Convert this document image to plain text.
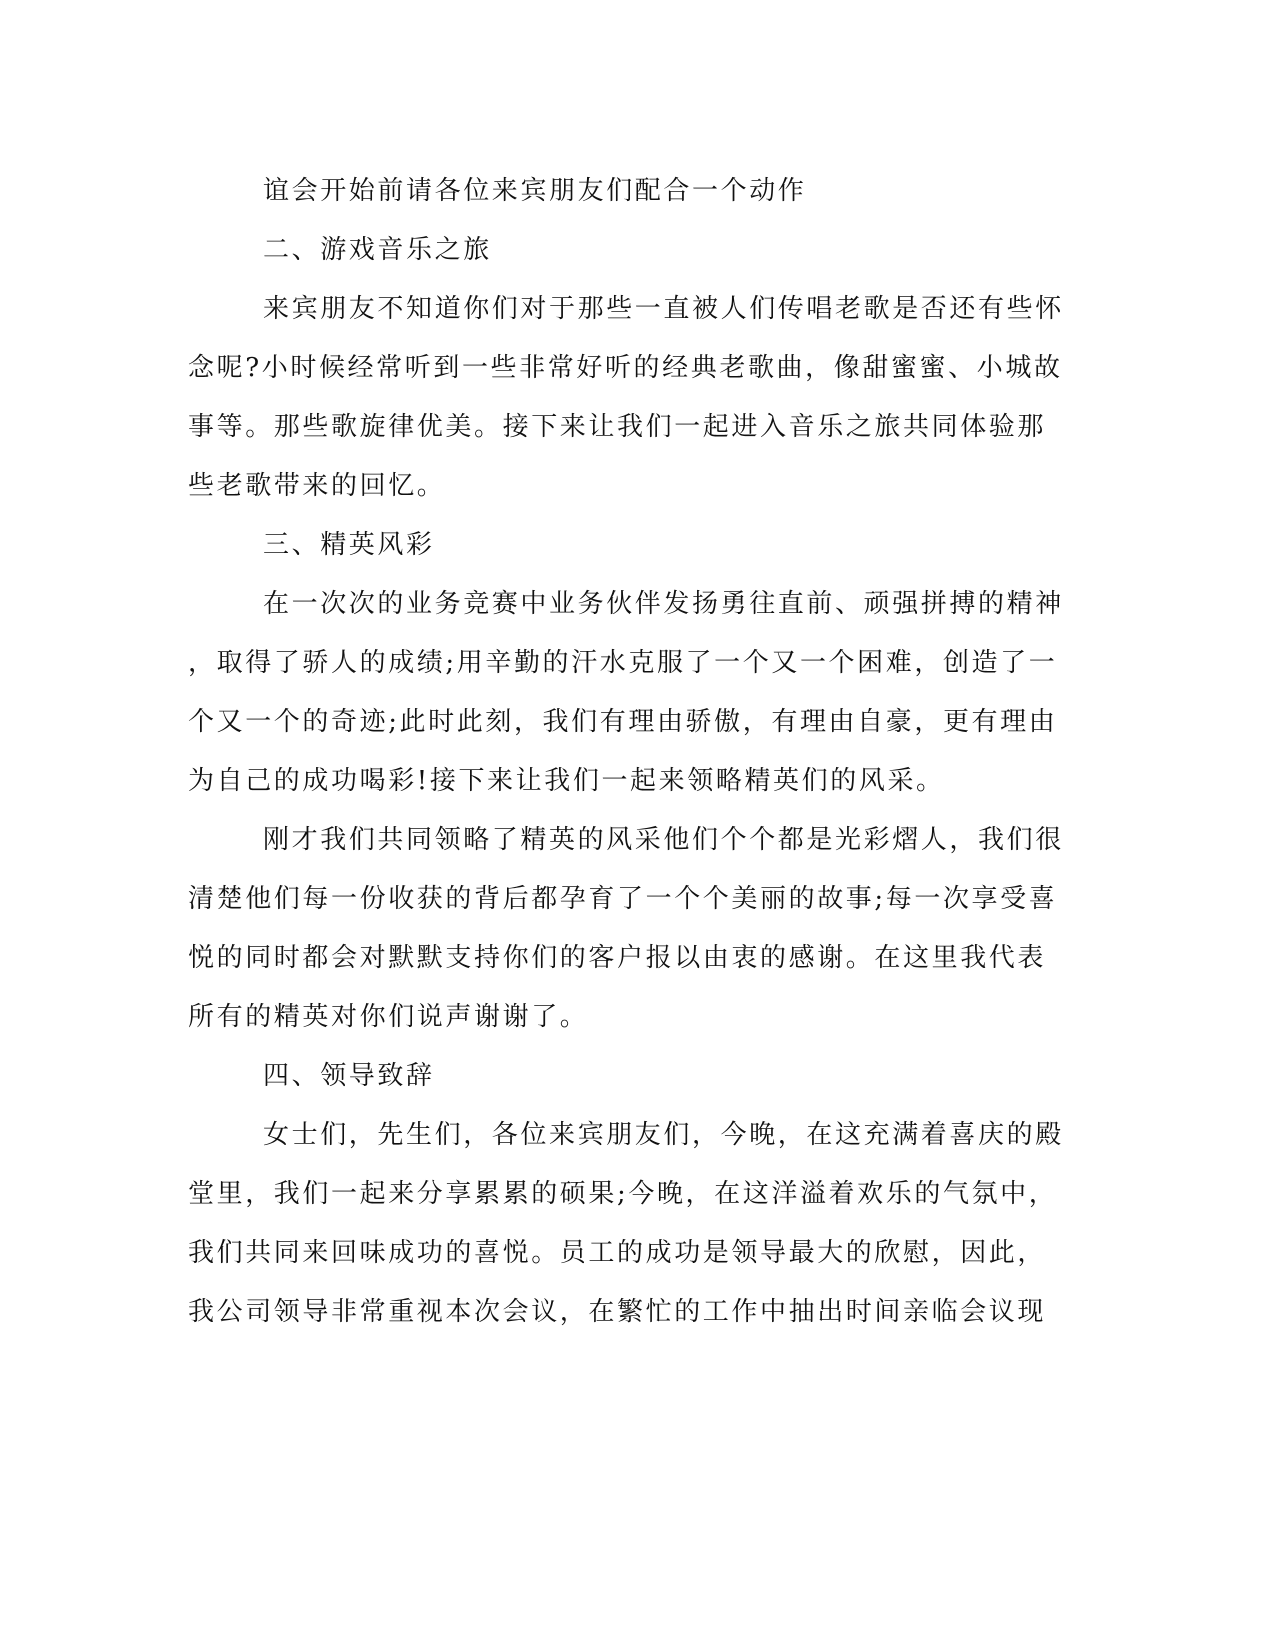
谊会开始前请各位来宾朋友们配合一个动作
二、游戏音乐之旅
来宾朋友不知道你们对于那些一直被人们传唱老歌是否还有些怀
念呢?小时候经常听到一些非常好听的经典老歌曲，像甜蜜蜜、小城故
事等。那些歌旋律优美。接下来让我们一起进入音乐之旅共同体验那
些老歌带来的回忆。
三、精英风彩
在一次次的业务竞赛中业务伙伴发扬勇往直前、顽强拼搏的精神
，取得了骄人的成绩;用辛勤的汗水克服了一个又一个困难，创造了一
个又一个的奇迹;此时此刻，我们有理由骄傲，有理由自豪，更有理由
为自己的成功喝彩!接下来让我们一起来领略精英们的风采。
刚才我们共同领略了精英的风采他们个个都是光彩熠人，我们很
清楚他们每一份收获的背后都孕育了一个个美丽的故事;每一次享受喜
悦的同时都会对默默支持你们的客户报以由衷的感谢。在这里我代表
所有的精英对你们说声谢谢了。
四、领导致辞
女士们，先生们，各位来宾朋友们，今晚，在这充满着喜庆的殿
堂里，我们一起来分享累累的硕果;今晚，在这洋溢着欢乐的气氛中，
我们共同来回味成功的喜悦。员工的成功是领导最大的欣慰，因此，
我公司领导非常重视本次会议，在繁忙的工作中抽出时间亲临会议现
